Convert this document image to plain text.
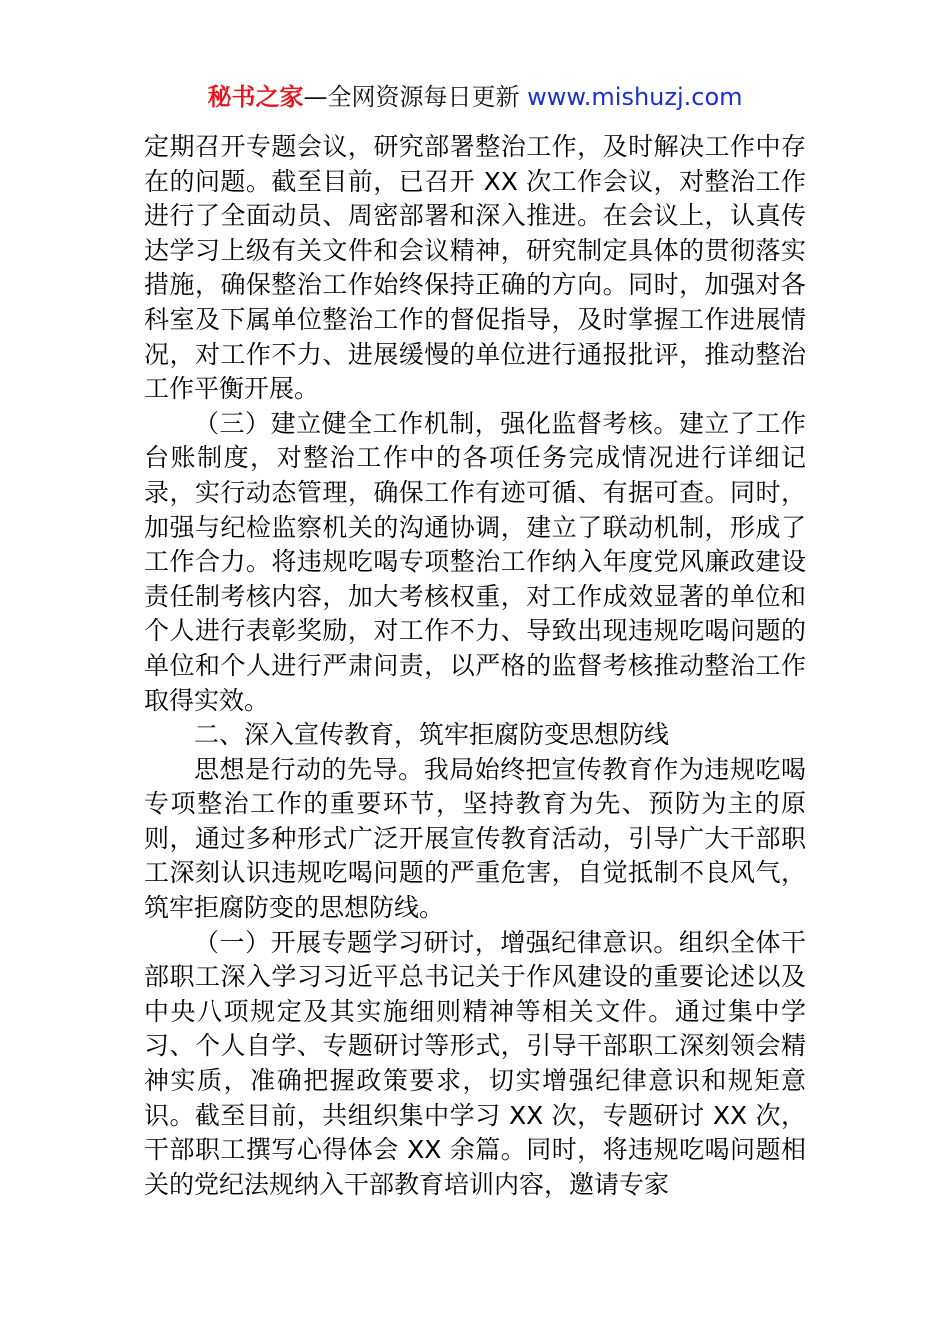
秘书之家—全网资源每日更新 www.mishuzj.com

定期召开专题会议，研究部署整治工作，及时解决工作中存在的问题。截至目前，已召开 XX 次工作会议，对整治工作进行了全面动员、周密部署和深入推进。在会议上，认真传达学习上级有关文件和会议精神，研究制定具体的贯彻落实措施，确保整治工作始终保持正确的方向。同时，加强对各科室及下属单位整治工作的督促指导，及时掌握工作进展情况，对工作不力、进展缓慢的单位进行通报批评，推动整治工作平衡开展。

（三）建立健全工作机制，强化监督考核。建立了工作台账制度，对整治工作中的各项任务完成情况进行详细记录，实行动态管理，确保工作有迹可循、有据可查。同时，加强与纪检监察机关的沟通协调，建立了联动机制，形成了工作合力。将违规吃喝专项整治工作纳入年度党风廉政建设责任制考核内容，加大考核权重，对工作成效显著的单位和个人进行表彰奖励，对工作不力、导致出现违规吃喝问题的单位和个人进行严肃问责，以严格的监督考核推动整治工作取得实效。

二、深入宣传教育，筑牢拒腐防变思想防线

思想是行动的先导。我局始终把宣传教育作为违规吃喝专项整治工作的重要环节，坚持教育为先、预防为主的原则，通过多种形式广泛开展宣传教育活动，引导广大干部职工深刻认识违规吃喝问题的严重危害，自觉抵制不良风气，筑牢拒腐防变的思想防线。

（一）开展专题学习研讨，增强纪律意识。组织全体干部职工深入学习习近平总书记关于作风建设的重要论述以及中央八项规定及其实施细则精神等相关文件。通过集中学习、个人自学、专题研讨等形式，引导干部职工深刻领会精神实质，准确把握政策要求，切实增强纪律意识和规矩意识。截至目前，共组织集中学习 XX 次，专题研讨 XX 次，干部职工撰写心得体会 XX 余篇。同时，将违规吃喝问题相关的党纪法规纳入干部教育培训内容，邀请专家
